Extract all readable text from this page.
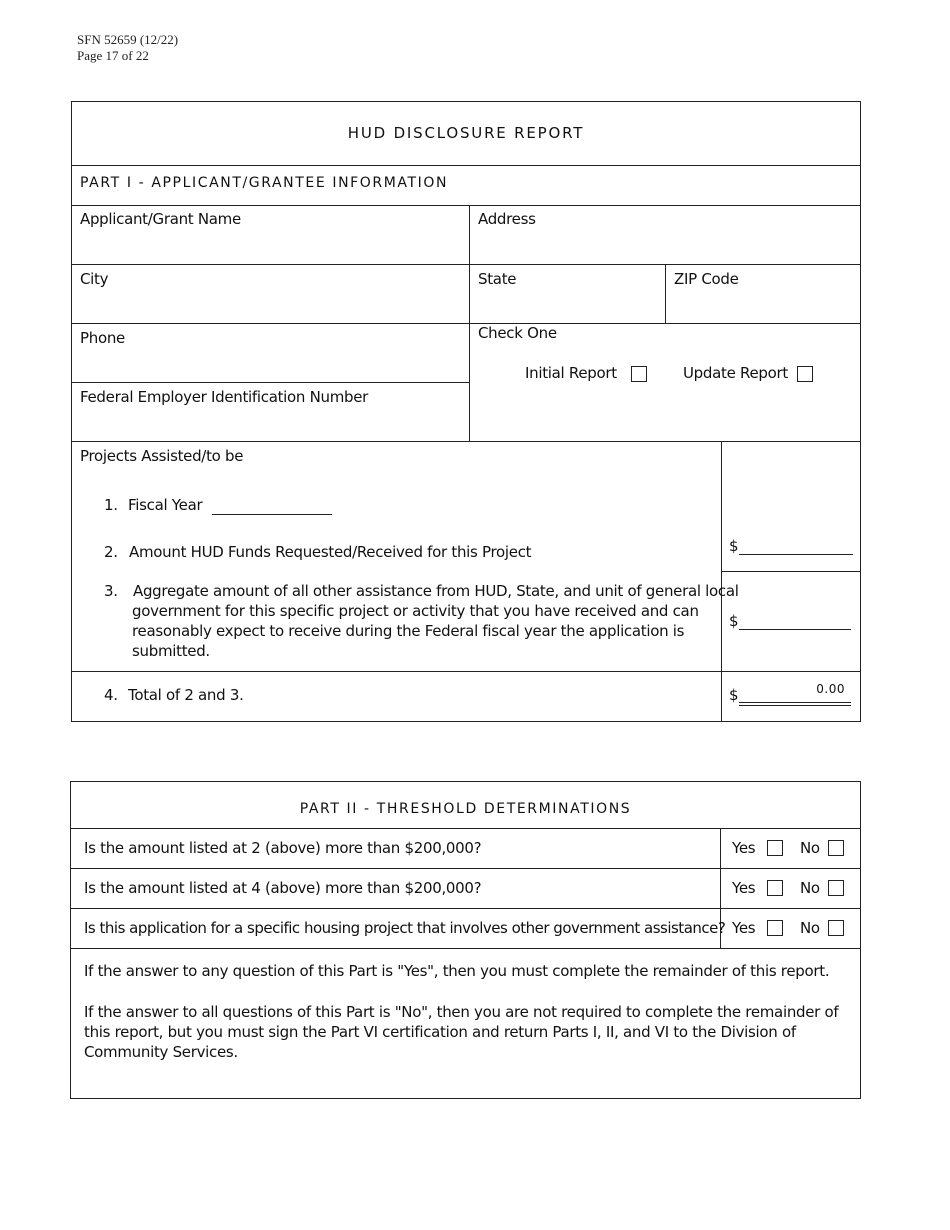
SFN 52659 (12/22)
Page 17 of 22
HUD DISCLOSURE REPORT
PART I - APPLICANT/GRANTEE INFORMATION
Applicant/Grant Name	Address
City	State	ZIP Code
Phone	Check One
Initial Report	Update Report
Federal Employer Identification Number
Projects Assisted/to be
1. Fiscal Year
2. Amount HUD Funds Requested/Received for this Project	$
3. Aggregate amount of all other assistance from HUD, State, and unit of general local
government for this specific project or activity that you have received and can
reasonably expect to receive during the Federal fiscal year the application is
submitted.
$
4. Total of 2 and 3.	$	0.00
PART II - THRESHOLD DETERMINATIONS
Is the amount listed at 2 (above) more than $200,000?	Yes	No
Is the amount listed at 4 (above) more than $200,000?	Yes	No
Is this application for a specific housing project that involves other government assistance? Yes	No
If the answer to any question of this Part is "Yes", then you must complete the remainder of this report.
If the answer to all questions of this Part is "No", then you are not required to complete the remainder of this report, but you must sign the Part VI certification and return Parts I, II, and VI to the Division of Community Services.
